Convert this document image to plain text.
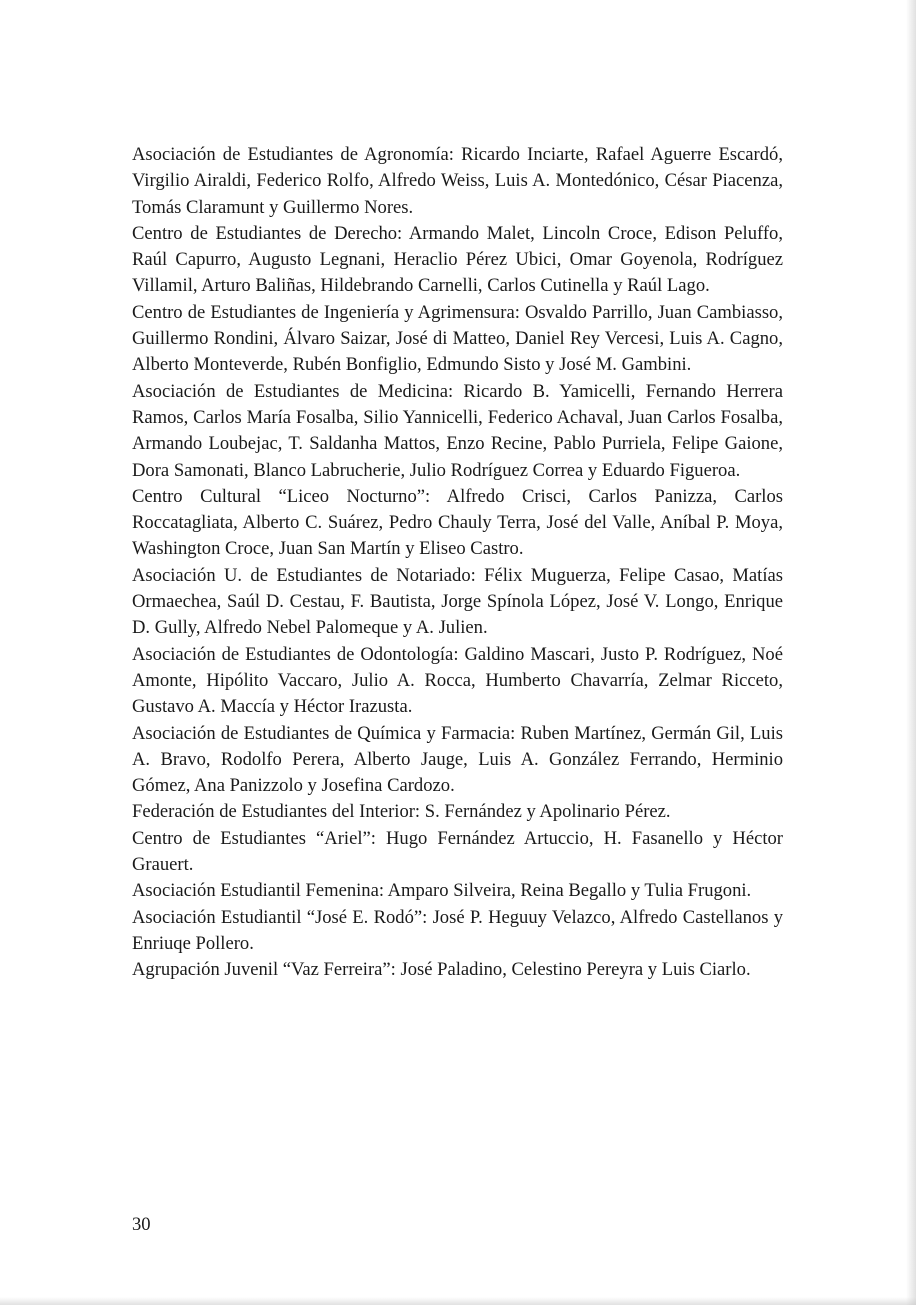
Asociación de Estudiantes de Agronomía: Ricardo Inciarte, Rafael Aguerre Escardó, Virgilio Airaldi, Federico Rolfo, Alfredo Weiss, Luis A. Montedónico, César Piacenza, Tomás Claramunt y Guillermo Nores.

Centro de Estudiantes de Derecho: Armando Malet, Lincoln Croce, Edison Peluffo, Raúl Capurro, Augusto Legnani, Heraclio Pérez Ubici, Omar Goyenola, Rodríguez Villamil, Arturo Baliñas, Hildebrando Carnelli, Carlos Cutinella y Raúl Lago.

Centro de Estudiantes de Ingeniería y Agrimensura: Osvaldo Parrillo, Juan Cambiasso, Guillermo Rondini, Álvaro Saizar, José di Matteo, Daniel Rey Vercesi, Luis A. Cagno, Alberto Monteverde, Rubén Bonfiglio, Edmundo Sisto y José M. Gambini.

Asociación de Estudiantes de Medicina: Ricardo B. Yamicelli, Fernando Herrera Ramos, Carlos María Fosalba, Silio Yannicelli, Federico Achaval, Juan Carlos Fosalba, Armando Loubejac, T. Saldanha Mattos, Enzo Recine, Pablo Purriela, Felipe Gaione, Dora Samonati, Blanco Labrucherie, Julio Rodríguez Correa y Eduardo Figueroa.

Centro Cultural “Liceo Nocturno”: Alfredo Crisci, Carlos Panizza, Carlos Roccatagliata, Alberto C. Suárez, Pedro Chauly Terra, José del Valle, Aníbal P. Moya, Washington Croce, Juan San Martín y Eliseo Castro.

Asociación U. de Estudiantes de Notariado: Félix Muguerza, Felipe Casao, Matías Ormaechea, Saúl D. Cestau, F. Bautista, Jorge Spínola López, José V. Longo, Enrique D. Gully, Alfredo Nebel Palomeque y A. Julien.

Asociación de Estudiantes de Odontología: Galdino Mascari, Justo P. Rodríguez, Noé Amonte, Hipólito Vaccaro, Julio A. Rocca, Humberto Chavarría, Zelmar Ricceto, Gustavo A. Maccía y Héctor Irazusta.

Asociación de Estudiantes de Química y Farmacia: Ruben Martínez, Germán Gil, Luis A. Bravo, Rodolfo Perera, Alberto Jauge, Luis A. González Ferrando, Herminio Gómez, Ana Panizzolo y Josefina Cardozo.

Federación de Estudiantes del Interior: S. Fernández y Apolinario Pérez.

Centro de Estudiantes “Ariel”: Hugo Fernández Artuccio, H. Fasanello y Héctor Grauert.

Asociación Estudiantil Femenina: Amparo Silveira, Reina Begallo y Tulia Frugoni.

Asociación Estudiantil “José E. Rodó”: José P. Heguuy Velazco, Alfredo Castellanos y Enriuqe Pollero.

Agrupación Juvenil “Vaz Ferreira”: José Paladino, Celestino Pereyra y Luis Ciarlo.

30
